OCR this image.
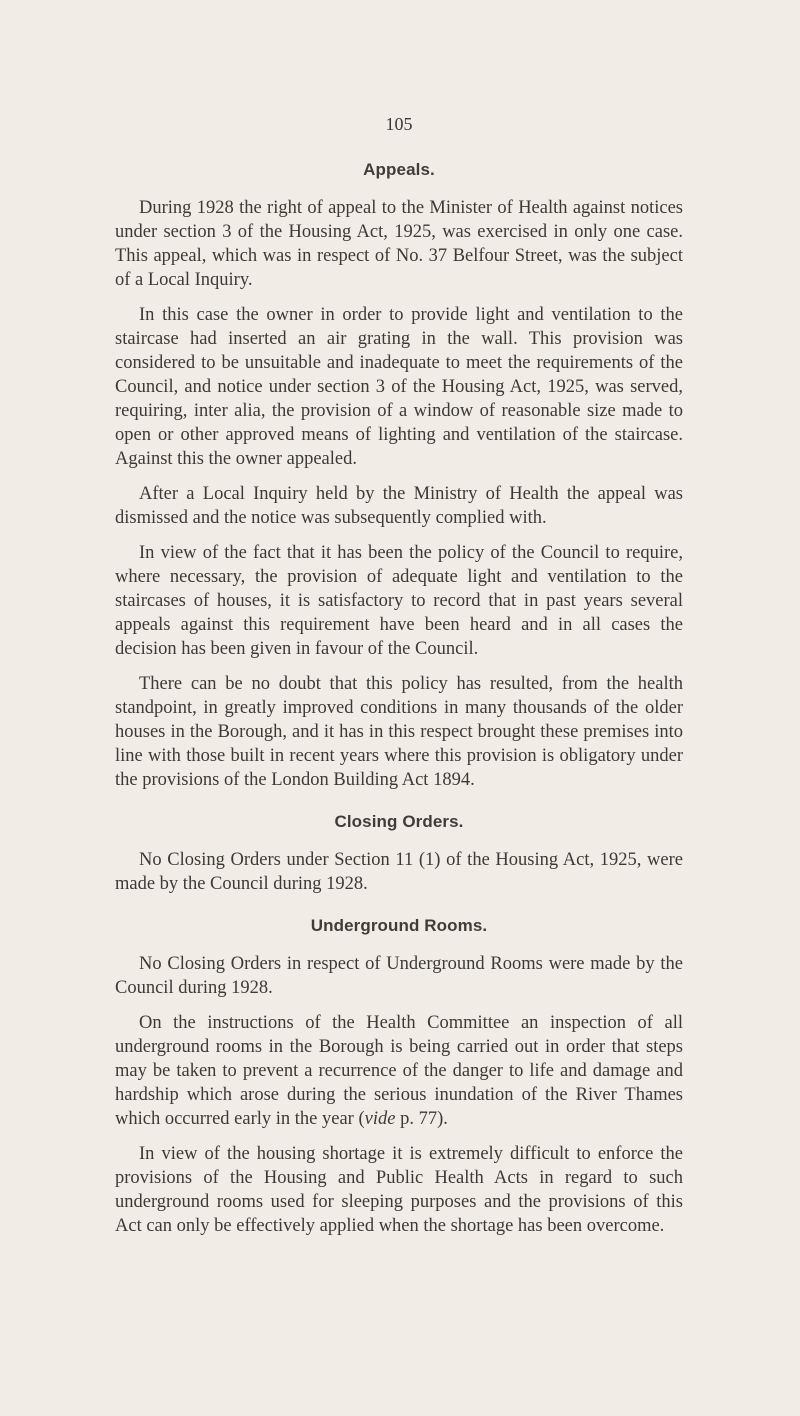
105
Appeals.

During 1928 the right of appeal to the Minister of Health against notices under section 3 of the Housing Act, 1925, was exercised in only one case. This appeal, which was in respect of No. 37 Belfour Street, was the subject of a Local Inquiry.

In this case the owner in order to provide light and ventilation to the staircase had inserted an air grating in the wall. This provision was considered to be unsuitable and inadequate to meet the requirements of the Council, and notice under section 3 of the Housing Act, 1925, was served, requiring, inter alia, the provision of a window of reasonable size made to open or other approved means of lighting and ventilation of the staircase. Against this the owner appealed.

After a Local Inquiry held by the Ministry of Health the appeal was dismissed and the notice was subsequently complied with.

In view of the fact that it has been the policy of the Council to require, where necessary, the provision of adequate light and ventilation to the staircases of houses, it is satisfactory to record that in past years several appeals against this requirement have been heard and in all cases the decision has been given in favour of the Council.

There can be no doubt that this policy has resulted, from the health standpoint, in greatly improved conditions in many thousands of the older houses in the Borough, and it has in this respect brought these premises into line with those built in recent years where this provision is obligatory under the provisions of the London Building Act 1894.

Closing Orders.

No Closing Orders under Section 11 (1) of the Housing Act, 1925, were made by the Council during 1928.

Underground Rooms.

No Closing Orders in respect of Underground Rooms were made by the Council during 1928.

On the instructions of the Health Committee an inspection of all underground rooms in the Borough is being carried out in order that steps may be taken to prevent a recurrence of the danger to life and damage and hardship which arose during the serious inundation of the River Thames which occurred early in the year (vide p. 77).

In view of the housing shortage it is extremely difficult to enforce the provisions of the Housing and Public Health Acts in regard to such underground rooms used for sleeping purposes and the provisions of this Act can only be effectively applied when the shortage has been overcome.
